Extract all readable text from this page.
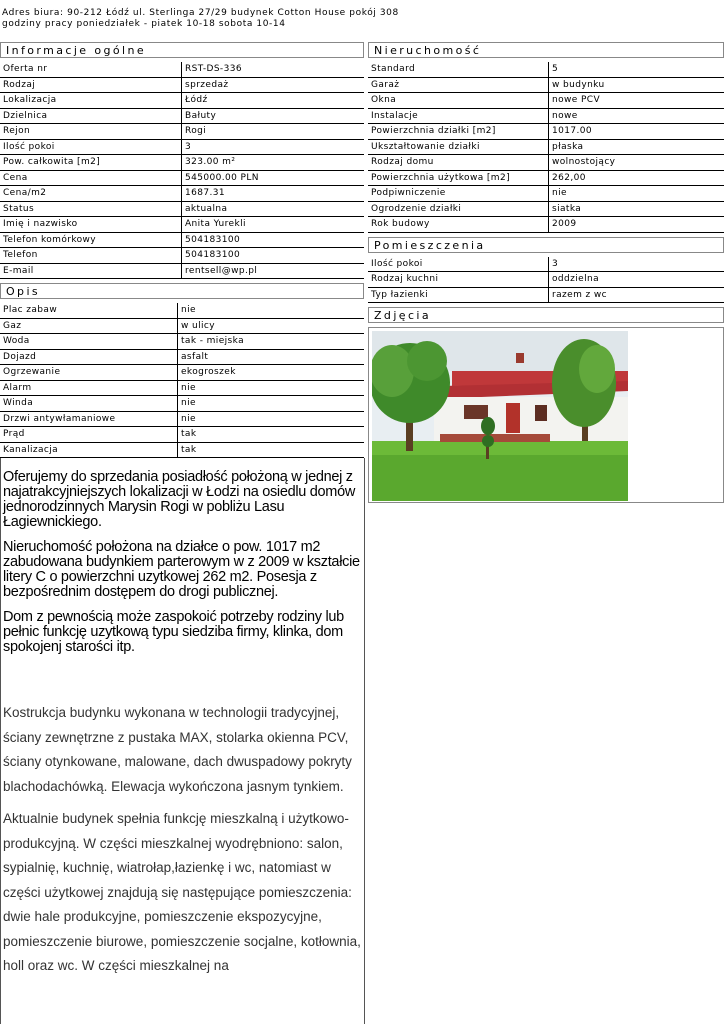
Adres biura: 90-212 Łódź ul. Sterlinga 27/29 budynek Cotton House pokój 308
godziny pracy poniedziałek - piatek 10-18 sobota 10-14
Informacje ogólne
Oferta nr	RST-DS-336
Rodzaj	sprzedaż
Lokalizacja	Łódź
Dzielnica	Bałuty
Rejon	Rogi
Ilość pokoi	3
Pow. całkowita [m2]	323.00 m²
Cena	545000.00 PLN
Cena/m2	1687.31
Status	aktualna
Imię i nazwisko	Anita Yurekli
Telefon komórkowy	504183100
Telefon	504183100
E-mail	rentsell@wp.pl
Opis
Plac zabaw	nie
Gaz	w ulicy
Woda	tak - miejska
Dojazd	asfalt
Ogrzewanie	ekogroszek
Alarm	nie
Winda	nie
Drzwi antywłamaniowe	nie
Prąd	tak
Kanalizacja	tak

Oferujemy do sprzedania posiadłość położoną w jednej z najatrakcyjniejszych lokalizacji w Łodzi na osiedlu domów jednorodzinnych Marysin Rogi w pobliżu Lasu Łagiewnickiego.

Nieruchomość położona na działce o pow. 1017 m2 zabudowana budynkiem parterowym w z 2009 w kształcie litery C o powierzchni uzytkowej 262 m2. Posesja z bezpośrednim dostępem do drogi publicznej.

Dom z pewnością może zaspokoić potrzeby rodziny lub pełnic funkcję uzytkową typu siedziba firmy, klinka, dom spokojenj starości itp.

Kostrukcja budynku wykonana w technologii tradycyjnej, ściany zewnętrzne z pustaka MAX, stolarka okienna PCV, ściany otynkowane, malowane, dach dwuspadowy pokryty blachodachówką. Elewacja wykończona jasnym tynkiem.

Aktualnie budynek spełnia funkcję mieszkalną i użytkowo-produkcyjną. W części mieszkalnej wyodrębniono: salon, sypialnię, kuchnię, wiatrołap,łazienkę i wc, natomiast w części użytkowej znajdują się następujące pomieszczenia: dwie hale produkcyjne, pomieszczenie ekspozycyjne, pomieszczenie biurowe, pomieszczenie socjalne, kotłownia, holl oraz wc. W części mieszkalnej na

Nieruchomość
Standard	5
Garaż	w budynku
Okna	nowe PCV
Instalacje	nowe
Powierzchnia działki [m2]	1017.00
Ukształtowanie działki	płaska
Rodzaj domu	wolnostojący
Powierzchnia użytkowa [m2]	262,00
Podpiwniczenie	nie
Ogrodzenie działki	siatka
Rok budowy	2009
Pomieszczenia
Ilość pokoi	3
Rodzaj kuchni	oddzielna
Typ łazienki	razem z wc
Zdjęcia
